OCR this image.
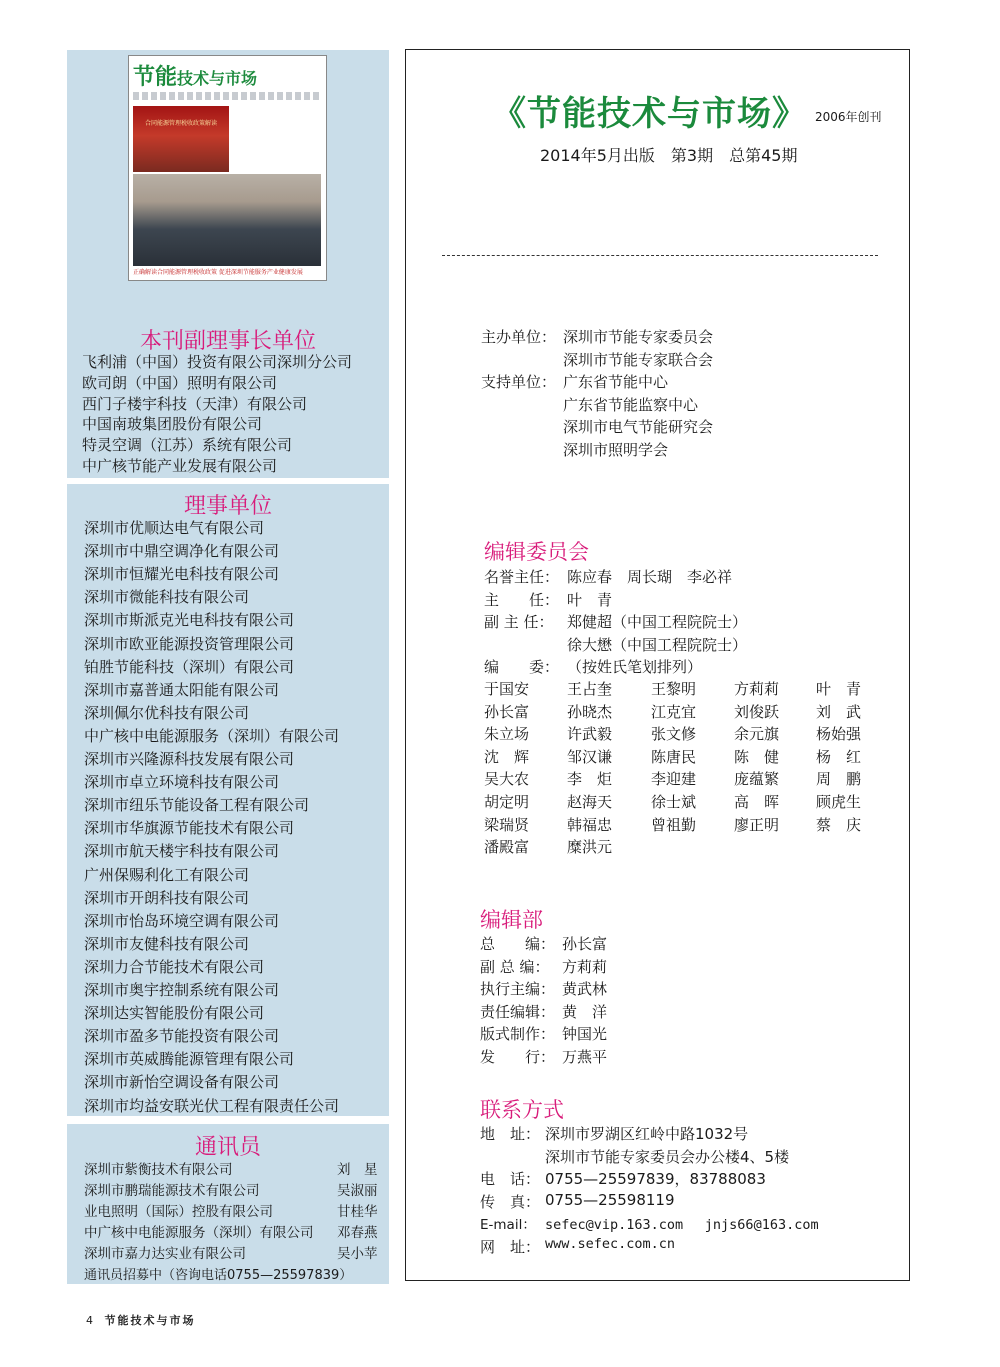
节能技术与市场
合同能源管理税收政策解读
正确解读合同能源管理税收政策 促进深圳节能服务产业健康发展
本刊副理事长单位
飞利浦（中国）投资有限公司深圳分公司
欧司朗（中国）照明有限公司
西门子楼宇科技（天津）有限公司
中国南玻集团股份有限公司
特灵空调（江苏）系统有限公司
中广核节能产业发展有限公司
理事单位
深圳市优顺达电气有限公司
深圳市中鼎空调净化有限公司
深圳市恒耀光电科技有限公司
深圳市微能科技有限公司
深圳市斯派克光电科技有限公司
深圳市欧亚能源投资管理限公司
铂胜节能科技（深圳）有限公司
深圳市嘉普通太阳能有限公司
深圳佩尔优科技有限公司
中广核中电能源服务（深圳）有限公司
深圳市兴隆源科技发展有限公司
深圳市卓立环境科技有限公司
深圳市纽乐节能设备工程有限公司
深圳市华旗源节能技术有限公司
深圳市航天楼宇科技有限公司
广州保赐利化工有限公司
深圳市开朗科技有限公司
深圳市怡岛环境空调有限公司
深圳市友健科技有限公司
深圳力合节能技术有限公司
深圳市奥宇控制系统有限公司
深圳达实智能股份有限公司
深圳市盈多节能投资有限公司
深圳市英威腾能源管理有限公司
深圳市新怡空调设备有限公司
深圳市均益安联光伏工程有限责任公司
通讯员
深圳市紫衡技术有限公司	刘　星
深圳市鹏瑞能源技术有限公司	吴淑丽
业电照明（国际）控股有限公司	甘桂华
中广核中电能源服务（深圳）有限公司 邓春燕
深圳市嘉力达实业有限公司	吴小苹
通讯员招募中（咨询电话0755—25597839）
4 节能技术与市场
《节能技术与市场》 2006年创刊
2014年5月出版　第3期　总第45期
主办单位： 深圳市节能专家委员会
深圳市节能专家联合会
支持单位： 广东省节能中心
广东省节能监察中心
深圳市电气节能研究会
深圳市照明学会
编辑委员会
名誉主任： 陈应春　周长瑚　李必祥
主　　任： 叶　青
副 主 任： 郑健超（中国工程院院士）
徐大懋（中国工程院院士）
编　　委： （按姓氏笔划排列）
于国安	王占奎	王黎明	方莉莉 叶　青
孙长富	孙晓杰	江克宜	刘俊跃 刘　武
朱立场	许武毅	张文修	余元旗 杨始强
沈　辉	邹汉谦	陈唐民	陈　健 杨　红
吴大农	李　炬	李迎建	庞蕴繁 周　鹏
胡定明	赵海天	徐士斌	高　晖 顾虎生
梁瑞贤	韩福忠	曾祖勤	廖正明 蔡　庆
潘殿富	糜洪元
编辑部
总　　编： 孙长富
副 总 编： 方莉莉
执行主编： 黄武林
责任编辑： 黄　洋
版式制作： 钟国光
发　　行： 万燕平
联系方式
地　址： 深圳市罗湖区红岭中路1032号
深圳市节能专家委员会办公楼4、5楼
电　话： 0755—25597839，83788083
传　真： 0755—25598119
E-mail： sefec@vip.163.com　 jnjs66@163.com
网　址： www.sefec.com.cn
